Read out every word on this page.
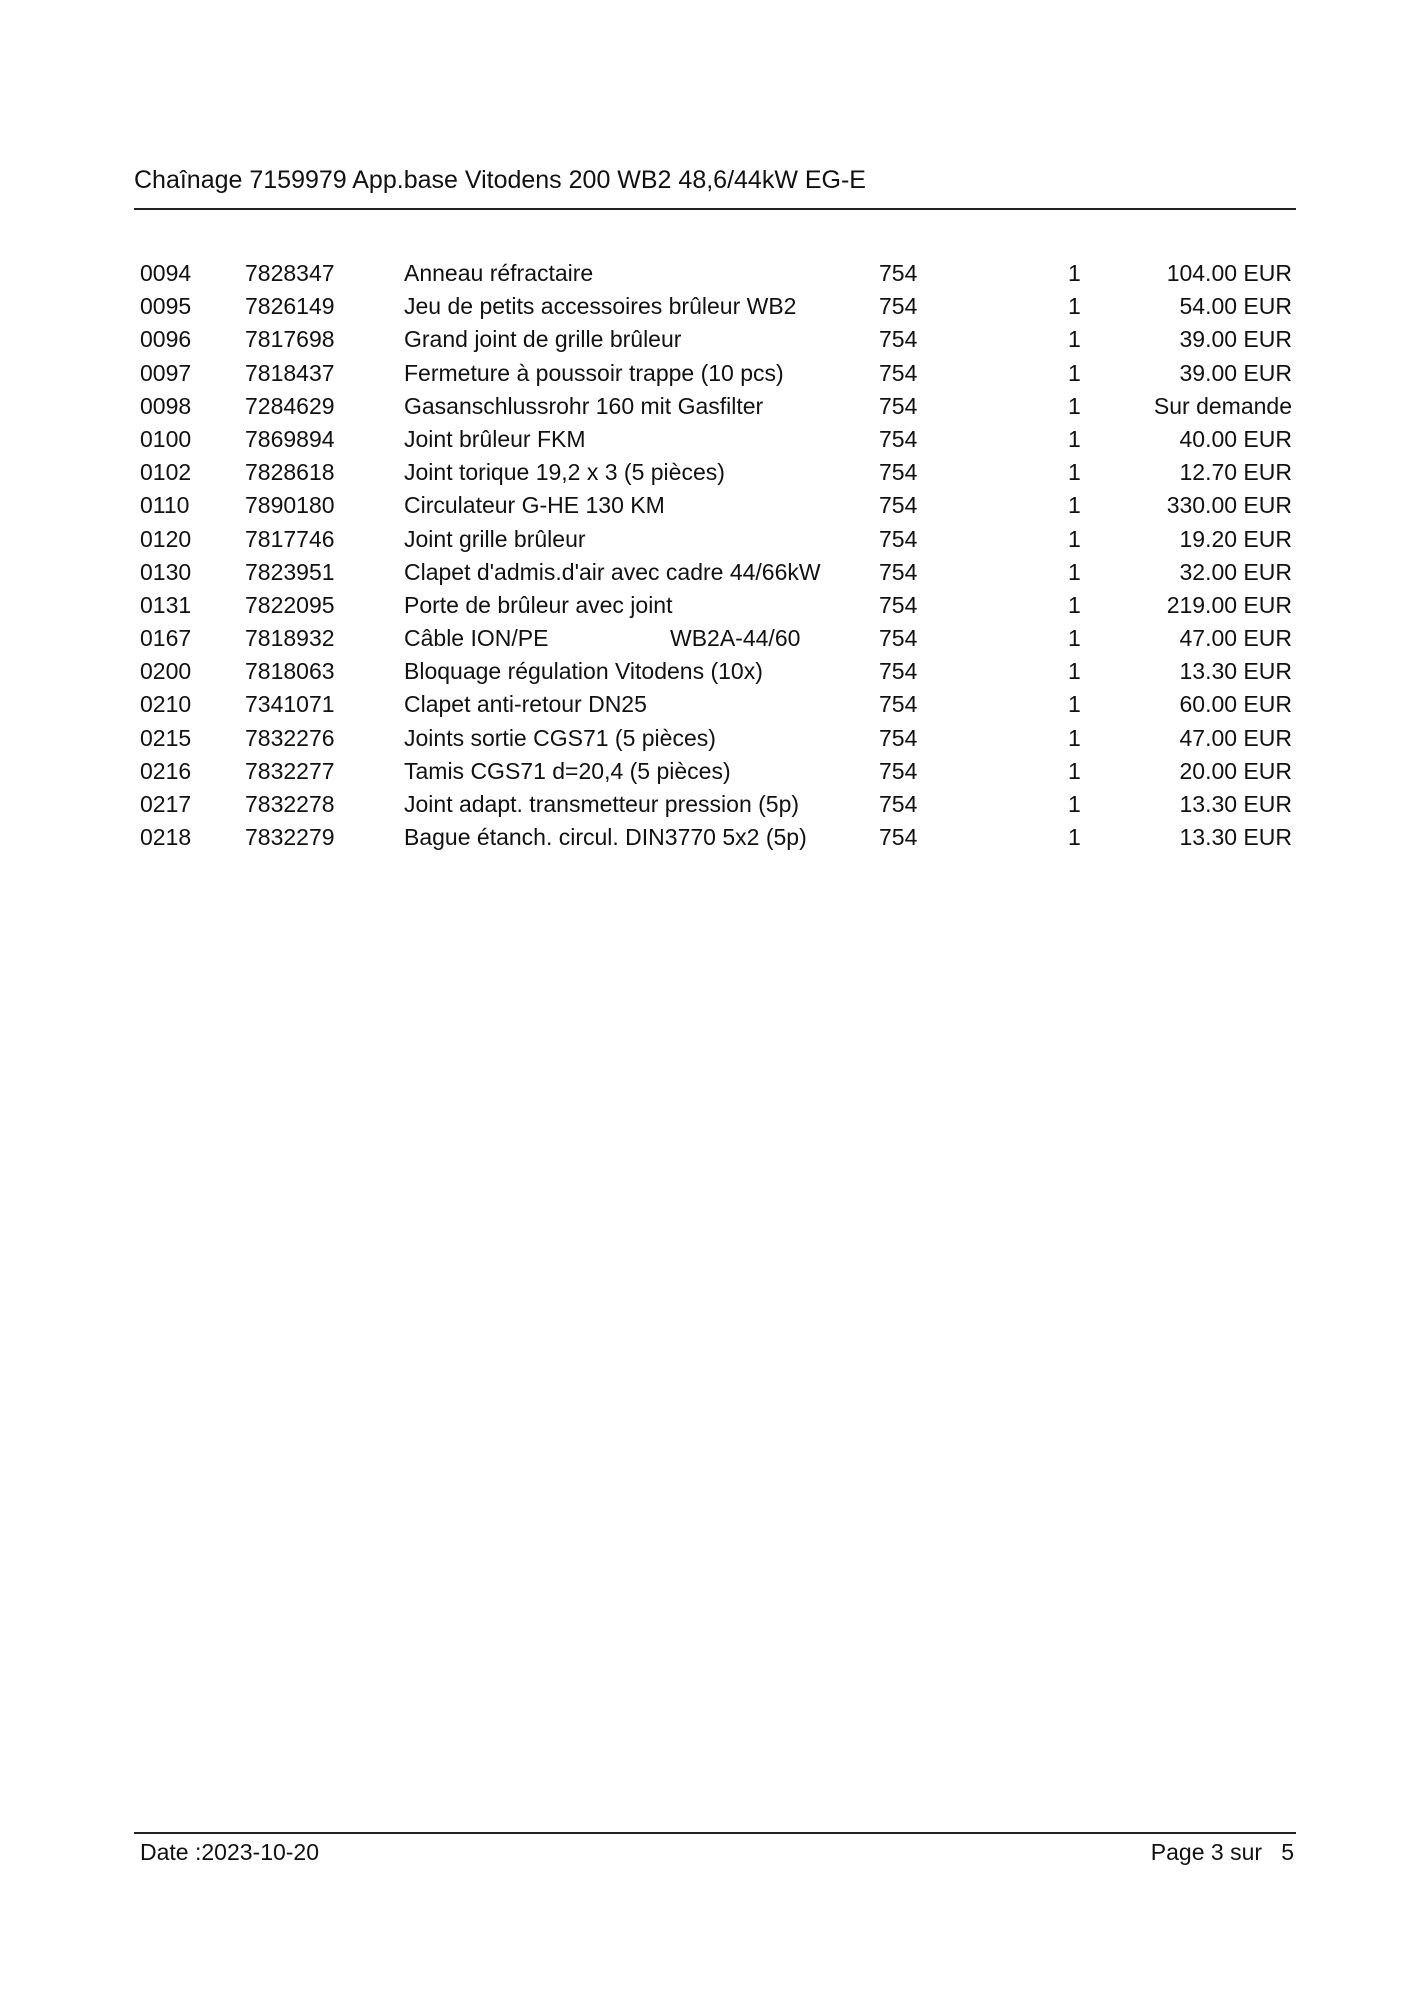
Chaînage 7159979 App.base Vitodens 200 WB2 48,6/44kW EG-E
0094 7828347	Anneau réfractaire	754	1	104.00 EUR
0095 7826149	Jeu de petits accessoires brûleur WB2	754	1	54.00 EUR
0096 7817698	Grand joint de grille brûleur	754	1	39.00 EUR
0097 7818437	Fermeture à poussoir trappe (10 pcs)	754	1	39.00 EUR
0098 7284629	Gasanschlussrohr 160 mit Gasfilter	754	1	Sur demande
0100 7869894	Joint brûleur FKM	754	1	40.00 EUR
0102 7828618	Joint torique 19,2 x 3 (5 pièces)	754	1	12.70 EUR
0110 7890180	Circulateur G-HE 130 KM	754	1	330.00 EUR
0120 7817746	Joint grille brûleur	754	1	19.20 EUR
0130 7823951	Clapet d'admis.d'air avec cadre 44/66kW	754	1	32.00 EUR
0131 7822095	Porte de brûleur avec joint	754	1	219.00 EUR
0167 7818932	Câble ION/PE	WB2A-44/60	754	1	47.00 EUR
0200 7818063	Bloquage régulation Vitodens (10x)	754	1	13.30 EUR
0210 7341071	Clapet anti-retour DN25	754	1	60.00 EUR
0215 7832276	Joints sortie CGS71 (5 pièces)	754	1	47.00 EUR
0216 7832277	Tamis CGS71 d=20,4 (5 pièces)	754	1	20.00 EUR
0217 7832278	Joint adapt. transmetteur pression (5p)	754	1	13.30 EUR
0218 7832279	Bague étanch. circul. DIN3770 5x2 (5p)	754	1	13.30 EUR
Date :2023-10-20	Page 3 sur   5
